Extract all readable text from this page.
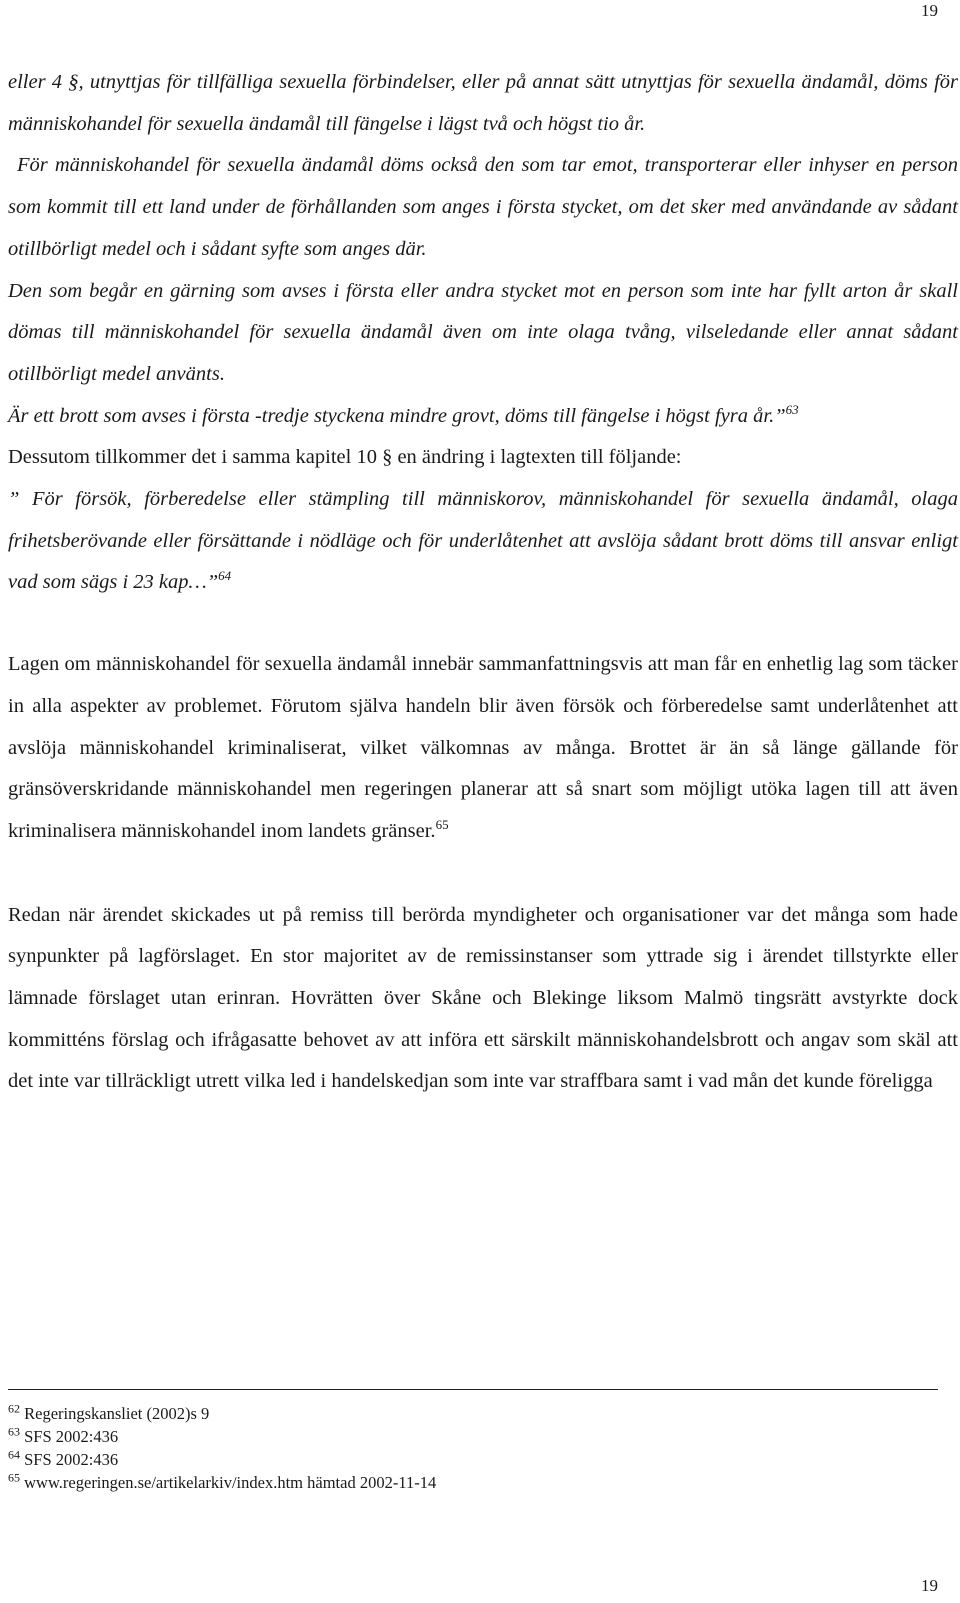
19

eller 4 §, utnyttjas för tillfälliga sexuella förbindelser, eller på annat sätt utnyttjas för sexuella ändamål, döms för människohandel för sexuella ändamål till fängelse i lägst två och högst tio år.

För människohandel för sexuella ändamål döms också den som tar emot, transporterar eller inhyser en person som kommit till ett land under de förhållanden som anges i första stycket, om det sker med användande av sådant otillbörligt medel och i sådant syfte som anges där.

Den som begår en gärning som avses i första eller andra stycket mot en person som inte har fyllt arton år skall dömas till människohandel för sexuella ändamål även om inte olaga tvång, vilseledande eller annat sådant otillbörligt medel använts.

Är ett brott som avses i första -tredje styckena mindre grovt, döms till fängelse i högst fyra år.”$^{63}$

Dessutom tillkommer det i samma kapitel 10 § en ändring i lagtexten till följande:

” För försök, förberedelse eller stämpling till människorov, människohandel för sexuella ändamål, olaga frihetsberövande eller försättande i nödläge och för underlåtenhet att avslöja sådant brott döms till ansvar enligt vad som sägs i 23 kap…”$^{64}$

Lagen om människohandel för sexuella ändamål innebär sammanfattningsvis att man får en enhetlig lag som täcker in alla aspekter av problemet. Förutom själva handeln blir även försök och förberedelse samt underlåtenhet att avslöja människohandel kriminaliserat, vilket välkomnas av många. Brottet är än så länge gällande för gränsöverskridande människohandel men regeringen planerar att så snart som möjligt utöka lagen till att även kriminalisera människohandel inom landets gränser.$^{65}$

Redan när ärendet skickades ut på remiss till berörda myndigheter och organisationer var det många som hade synpunkter på lagförslaget. En stor majoritet av de remissinstanser som yttrade sig i ärendet tillstyrkte eller lämnade förslaget utan erinran. Hovrätten över Skåne och Blekinge liksom Malmö tingsrätt avstyrkte dock kommitténs förslag och ifrågasatte behovet av att införa ett särskilt människohandelsbrott och angav som skäl att det inte var tillräckligt utrett vilka led i handelskedjan som inte var straffbara samt i vad mån det kunde föreligga

$^{62}$ Regeringskansliet (2002)s 9
$^{63}$ SFS 2002:436
$^{64}$ SFS 2002:436
$^{65}$ www.regeringen.se/artikelarkiv/index.htm hämtad 2002-11-14
19
